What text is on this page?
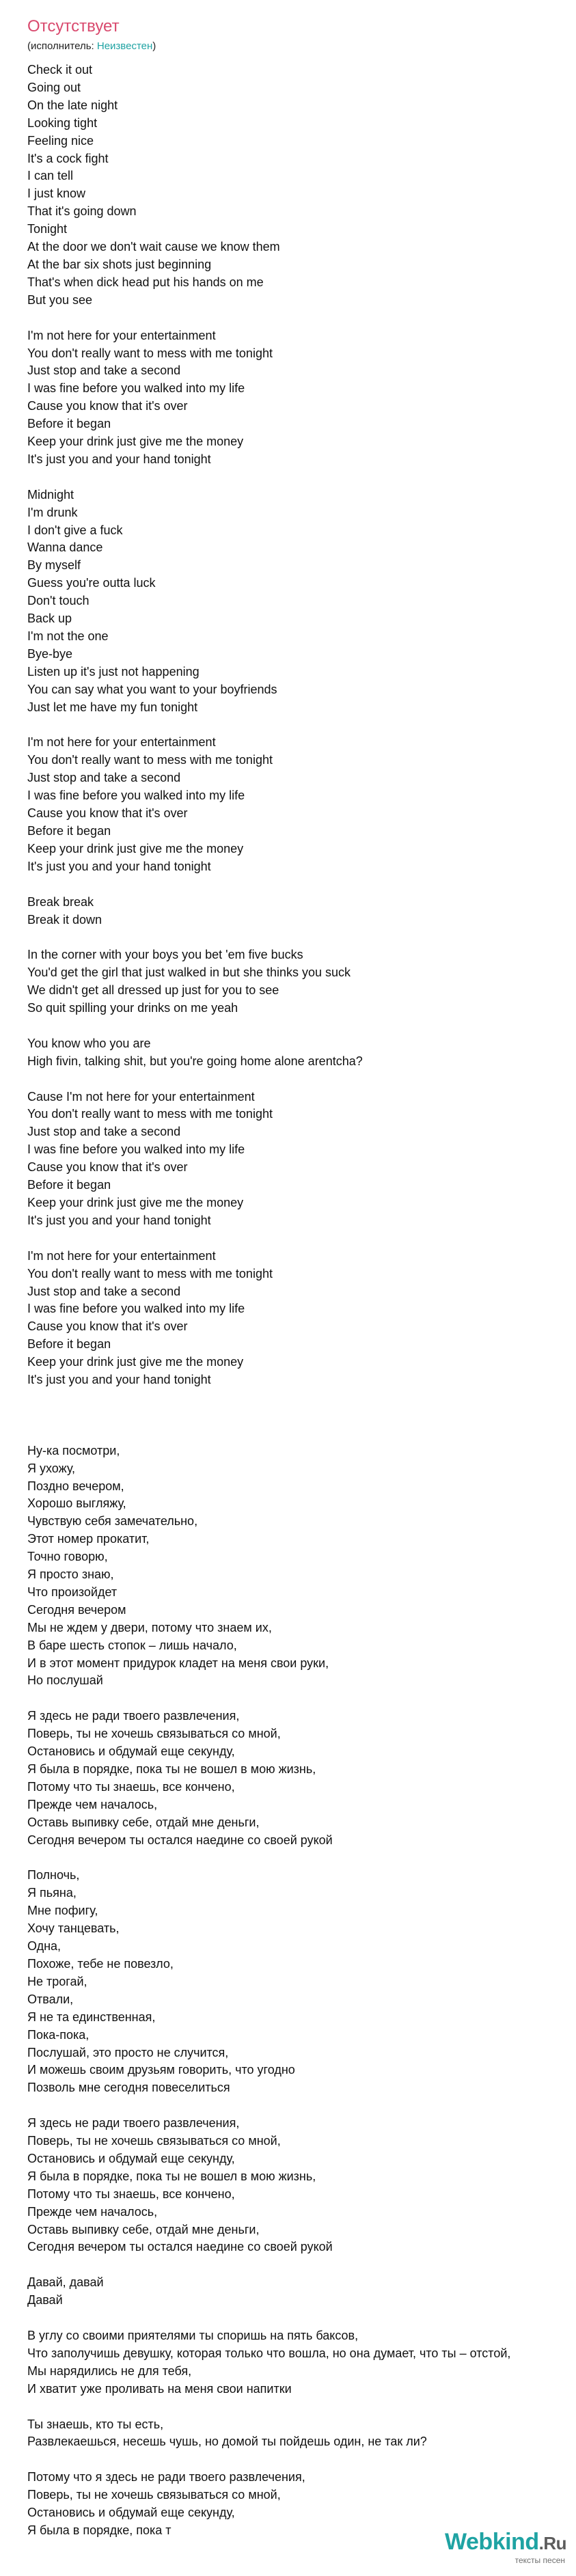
Отсутствует
(исполнитель: Неизвестен)
Check it out
Going out
On the late night
Looking tight
Feeling nice
It's a cock fight
I can tell
I just know
That it's going down
Tonight
At the door we don't wait cause we know them
At the bar six shots just beginning
That's when dick head put his hands on me
But you see

I'm not here for your entertainment
You don't really want to mess with me tonight
Just stop and take a second
I was fine before you walked into my life
Cause you know that it's over
Before it began
Keep your drink just give me the money
It's just you and your hand tonight

Midnight
I'm drunk
I don't give a fuck
Wanna dance
By myself
Guess you're outta luck
Don't touch
Back up
I'm not the one
Bye-bye
Listen up it's just not happening
You can say what you want to your boyfriends
Just let me have my fun tonight

I'm not here for your entertainment
You don't really want to mess with me tonight
Just stop and take a second
I was fine before you walked into my life
Cause you know that it's over
Before it began
Keep your drink just give me the money
It's just you and your hand tonight

Break break
Break it down

In the corner with your boys you bet 'em five bucks
You'd get the girl that just walked in but she thinks you suck
We didn't get all dressed up just for you to see
So quit spilling your drinks on me yeah

You know who you are
High fivin, talking shit, but you're going home alone arentcha?

Cause I'm not here for your entertainment
You don't really want to mess with me tonight
Just stop and take a second
I was fine before you walked into my life
Cause you know that it's over
Before it began
Keep your drink just give me the money
It's just you and your hand tonight

I'm not here for your entertainment
You don't really want to mess with me tonight
Just stop and take a second
I was fine before you walked into my life
Cause you know that it's over
Before it began
Keep your drink just give me the money
It's just you and your hand tonight

Ну-ка посмотри,
Я ухожу,
Поздно вечером,
Хорошо выгляжу,
Чувствую себя замечательно,
Этот номер прокатит,
Точно говорю,
Я просто знаю,
Что произойдет
Сегодня вечером
Мы не ждем у двери, потому что знаем их,
В баре шесть стопок – лишь начало,
И в этот момент придурок кладет на меня свои руки,
Но послушай

Я здесь не ради твоего развлечения,
Поверь, ты не хочешь связываться со мной,
Остановись и обдумай еще секунду,
Я была в порядке, пока ты не вошел в мою жизнь,
Потому что ты знаешь, все кончено,
Прежде чем началось,
Оставь выпивку себе, отдай мне деньги,
Сегодня вечером ты остался наедине со своей рукой

Полночь,
Я пьяна,
Мне пофигу,
Хочу танцевать,
Одна,
Похоже, тебе не повезло,
Не трогай,
Отвали,
Я не та единственная,
Пока-пока,
Послушай, это просто не случится,
И можешь своим друзьям говорить, что угодно
Позволь мне сегодня повеселиться

Я здесь не ради твоего развлечения,
Поверь, ты не хочешь связываться со мной,
Остановись и обдумай еще секунду,
Я была в порядке, пока ты не вошел в мою жизнь,
Потому что ты знаешь, все кончено,
Прежде чем началось,
Оставь выпивку себе, отдай мне деньги,
Сегодня вечером ты остался наедине со своей рукой

Давай, давай
Давай

В углу со своими приятелями ты споришь на пять баксов,
Что заполучишь девушку, которая только что вошла, но она думает, что ты – отстой,
Мы нарядились не для тебя,
И хватит уже проливать на меня свои напитки

Ты знаешь, кто ты есть,
Развлекаешься, несешь чушь, но домой ты пойдешь один, не так ли?

Потому что я здесь не ради твоего развлечения,
Поверь, ты не хочешь связываться со мной,
Остановись и обдумай еще секунду,
Я была в порядке, пока т	Webkind.Ru
тексты песен
